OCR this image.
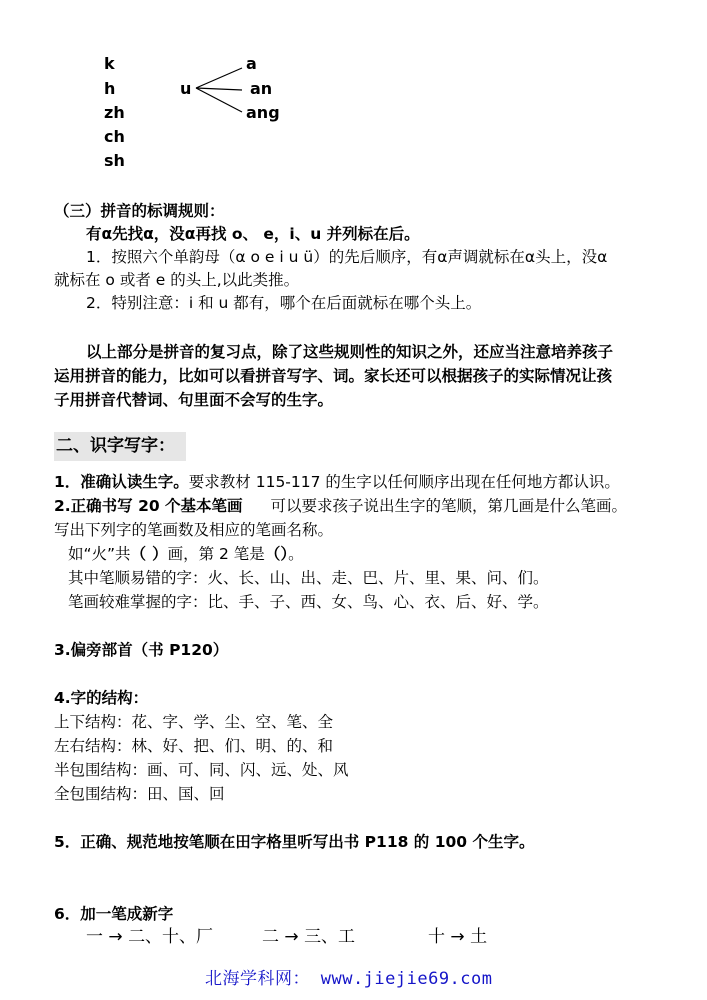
k
h
zh
ch
sh
u
a
an
ang
（三）拼音的标调规则：
有α先找α，没α再找 o、 e，i、u 并列标在后。
1．按照六个单韵母（α o e i u ü）的先后顺序，有α声调就标在α头上，没α
就标在 o 或者 e 的头上,以此类推。
2．特别注意：i 和 u 都有，哪个在后面就标在哪个头上。
以上部分是拼音的复习点，除了这些规则性的知识之外，还应当注意培养孩子
运用拼音的能力，比如可以看拼音写字、词。家长还可以根据孩子的实际情况让孩
子用拼音代替词、句里面不会写的生字。
二、识字写字：
1．准确认读生字。要求教材 115-117 的生字以任何顺序出现在任何地方都认识。
2.正确书写 20 个基本笔画 可以要求孩子说出生字的笔顺，第几画是什么笔画。
写出下列字的笔画数及相应的笔画名称。
如“火”共（ ）画，第 2 笔是（）。
其中笔顺易错的字：火、长、山、出、走、巴、片、里、果、问、们。
笔画较难掌握的字：比、手、子、西、女、鸟、心、衣、后、好、学。
3.偏旁部首（书 P120）
4.字的结构：
上下结构：花、字、学、尘、空、笔、全
左右结构：林、好、把、们、明、的、和
半包围结构：画、可、同、闪、远、处、风
全包围结构：田、国、回
5．正确、规范地按笔顺在田字格里听写出书 P118 的 100 个生字。
6．加一笔成新字
一 → 二、十、厂	二 → 三、工	十 → 土
北海学科网： www.jiejie69.com
